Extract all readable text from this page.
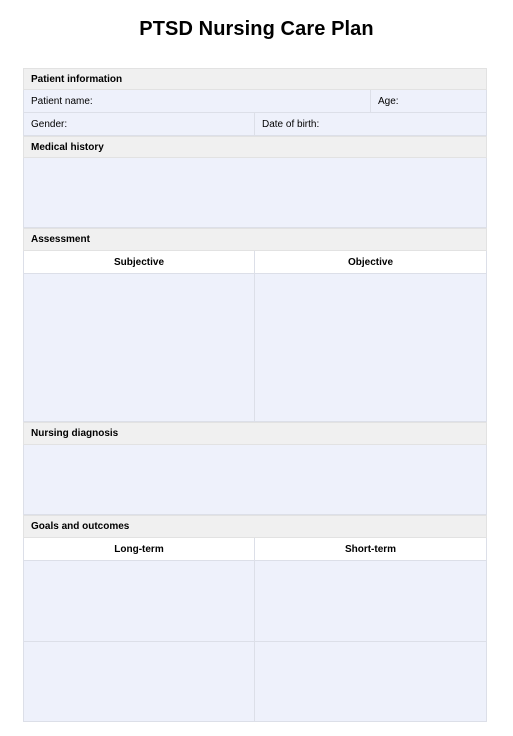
PTSD Nursing Care Plan
Patient information
Patient name:	Age:
Gender:	Date of birth:
Medical history
Assessment
Subjective	Objective
Nursing diagnosis
Goals and outcomes
Long-term	Short-term
